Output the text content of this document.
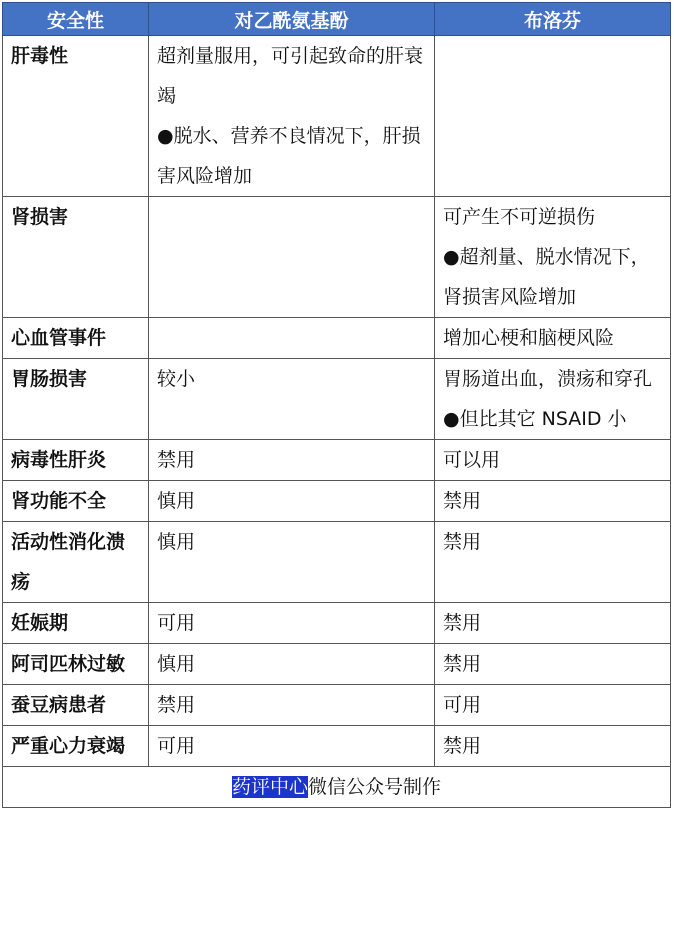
安全性	对乙酰氨基酚	布洛芬
肝毒性	超剂量服用，可引起致命的肝衰竭
●脱水、营养不良情况下，肝损害风险增加	

肾损害		可产生不可逆损伤
●超剂量、脱水情况下，肾损害风险增加

心血管事件		增加心梗和脑梗风险

胃肠损害	较小	胃肠道出血，溃疡和穿孔
●但比其它 NSAID 小

病毒性肝炎	禁用	可以用

肾功能不全	慎用	禁用

活动性消化溃疡	慎用	禁用

妊娠期	可用	禁用

阿司匹林过敏	慎用	禁用

蚕豆病患者	禁用	可用

严重心力衰竭	可用	禁用

药评中心微信公众号制作		
